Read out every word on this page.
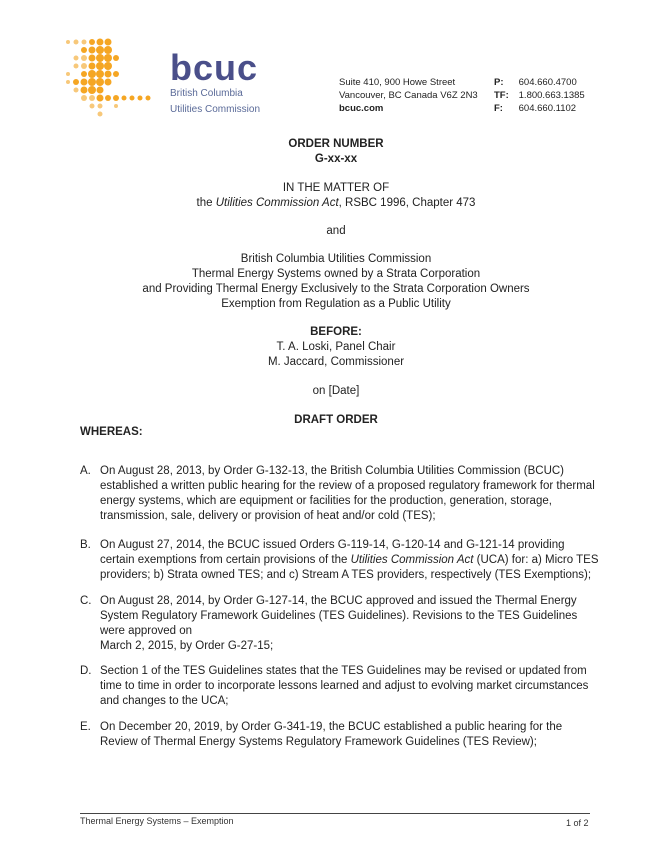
bcuc
British Columbia
Utilities Commission
Suite 410, 900 Howe Street
Vancouver, BC Canada V6Z 2N3
bcuc.com
P: 604.660.4700
TF: 1.800.663.1385
F: 604.660.1102
ORDER NUMBER
G-xx-xx
IN THE MATTER OF
the Utilities Commission Act, RSBC 1996, Chapter 473
and
British Columbia Utilities Commission
Thermal Energy Systems owned by a Strata Corporation
and Providing Thermal Energy Exclusively to the Strata Corporation Owners
Exemption from Regulation as a Public Utility
BEFORE:
T. A. Loski, Panel Chair
M. Jaccard, Commissioner
on [Date]
DRAFT ORDER
WHEREAS:
A. On August 28, 2013, by Order G-132-13, the British Columbia Utilities Commission (BCUC) established a written public hearing for the review of a proposed regulatory framework for thermal energy systems, which are equipment or facilities for the production, generation, storage, transmission, sale, delivery or provision of heat and/or cold (TES);
B. On August 27, 2014, the BCUC issued Orders G-119-14, G-120-14 and G-121-14 providing certain exemptions from certain provisions of the Utilities Commission Act (UCA) for: a) Micro TES providers; b) Strata owned TES; and c) Stream A TES providers, respectively (TES Exemptions);
C. On August 28, 2014, by Order G-127-14, the BCUC approved and issued the Thermal Energy System Regulatory Framework Guidelines (TES Guidelines). Revisions to the TES Guidelines were approved on
March 2, 2015, by Order G-27-15;
D. Section 1 of the TES Guidelines states that the TES Guidelines may be revised or updated from time to time in order to incorporate lessons learned and adjust to evolving market circumstances and changes to the UCA;
E. On December 20, 2019, by Order G-341-19, the BCUC established a public hearing for the Review of Thermal Energy Systems Regulatory Framework Guidelines (TES Review);
Thermal Energy Systems – Exemption	1 of 2
